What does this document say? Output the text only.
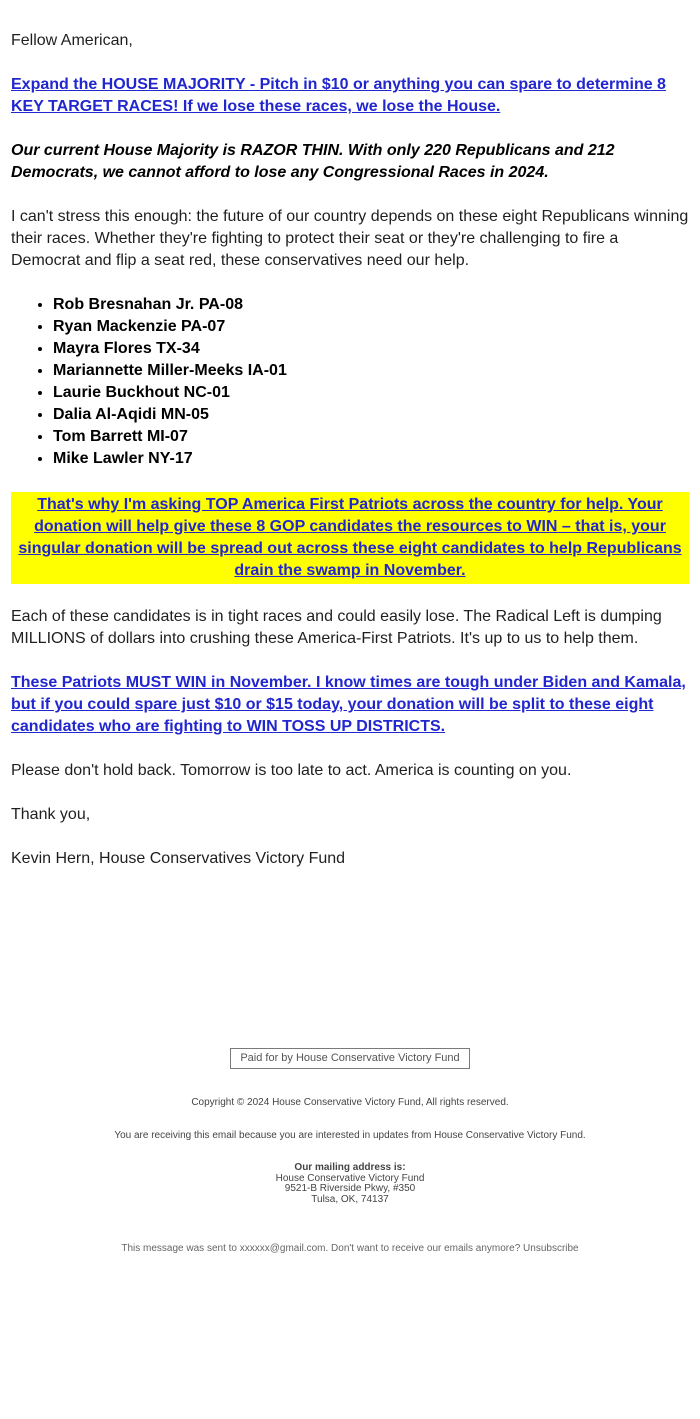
Fellow American,

Expand the HOUSE MAJORITY - Pitch in $10 or anything you can spare to determine 8 KEY TARGET RACES! If we lose these races, we lose the House.

Our current House Majority is RAZOR THIN. With only 220 Republicans and 212 Democrats, we cannot afford to lose any Congressional Races in 2024.

I can't stress this enough: the future of our country depends on these eight Republicans winning their races. Whether they're fighting to protect their seat or they're challenging to fire a Democrat and flip a seat red, these conservatives need our help.

• Rob Bresnahan Jr. PA-08
• Ryan Mackenzie PA-07
• Mayra Flores TX-34
• Mariannette Miller-Meeks IA-01
• Laurie Buckhout NC-01
• Dalia Al-Aqidi MN-05
• Tom Barrett MI-07
• Mike Lawler NY-17
That's why I'm asking TOP America First Patriots across the country for help. Your donation will help give these 8 GOP candidates the resources to WIN – that is, your singular donation will be spread out across these eight candidates to help Republicans drain the swamp in November.

Each of these candidates is in tight races and could easily lose. The Radical Left is dumping MILLIONS of dollars into crushing these America-First Patriots. It's up to us to help them.

These Patriots MUST WIN in November. I know times are tough under Biden and Kamala, but if you could spare just $10 or $15 today, your donation will be split to these eight candidates who are fighting to WIN TOSS UP DISTRICTS.

Please don't hold back. Tomorrow is too late to act. America is counting on you.

Thank you,

Kevin Hern, House Conservatives Victory Fund

Paid for by House Conservative Victory Fund

Copyright © 2024 House Conservative Victory Fund, All rights reserved.

You are receiving this email because you are interested in updates from House Conservative Victory Fund.

Our mailing address is:
House Conservative Victory Fund
9521-B Riverside Pkwy, #350
Tulsa, OK, 74137
This message was sent to xxxxxx@gmail.com. Don't want to receive our emails anymore? Unsubscribe
